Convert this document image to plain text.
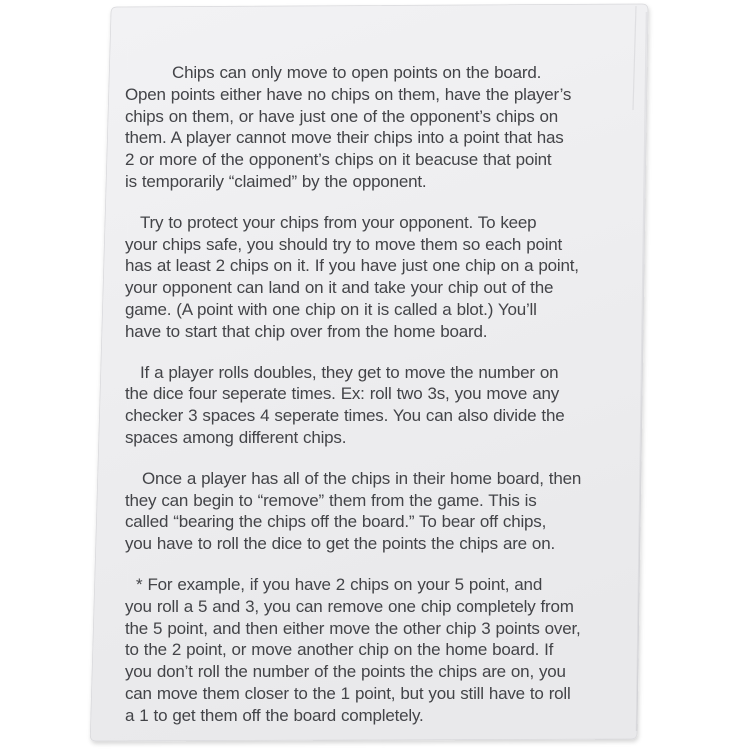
Chips can only move to open points on the board.
Open points either have no chips on them, have the player’s
chips on them, or have just one of the opponent’s chips on
them. A player cannot move their chips into a point that has
2 or more of the opponent’s chips on it beacuse that point
is temporarily “claimed” by the opponent.
Try to protect your chips from your opponent. To keep
your chips safe, you should try to move them so each point
has at least 2 chips on it. If you have just one chip on a point,
your opponent can land on it and take your chip out of the
game. (A point with one chip on it is called a blot.) You’ll
have to start that chip over from the home board.
If a player rolls doubles, they get to move the number on
the dice four seperate times. Ex: roll two 3s, you move any
checker 3 spaces 4 seperate times. You can also divide the
spaces among different chips.
Once a player has all of the chips in their home board, then
they can begin to “remove” them from the game. This is
called “bearing the chips off the board.” To bear off chips,
you have to roll the dice to get the points the chips are on.
* For example, if you have 2 chips on your 5 point, and
you roll a 5 and 3, you can remove one chip completely from
the 5 point, and then either move the other chip 3 points over,
to the 2 point, or move another chip on the home board. If
you don’t roll the number of the points the chips are on, you
can move them closer to the 1 point, but you still have to roll
a 1 to get them off the board completely.
